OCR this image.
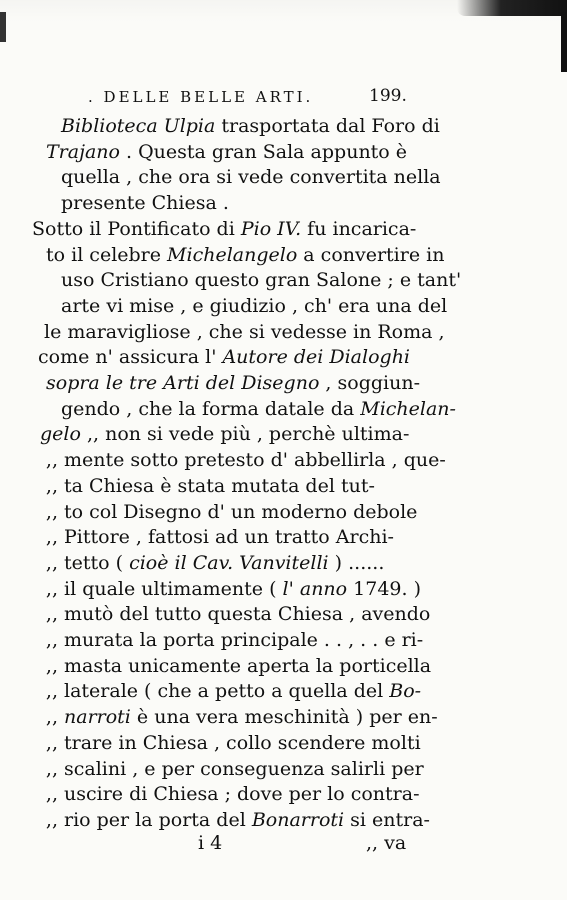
. DELLE BELLE ARTI.	199.
Biblioteca Ulpia trasportata dal Foro di
Trajano . Questa gran Sala appunto è
quella , che ora si vede convertita nella
presente Chiesa .
Sotto il Pontificato di Pio IV. fu incarica-
to il celebre Michelangelo a convertire in
uso Cristiano questo gran Salone ; e tant'
arte vi mise , e giudizio , ch' era una del
le maravigliose , che si vedesse in Roma ,
come n' assicura l' Autore dei Dialoghi
sopra le tre Arti del Disegno , soggiun-
gendo , che la forma datale da Michelan-
gelo ,, non si vede più , perchè ultima-
,, mente sotto pretesto d' abbellirla , que-
,, ta Chiesa è stata mutata del tut-
,, to col Disegno d' un moderno debole
,, Pittore , fattosi ad un tratto Archi-
,, tetto ( cioè il Cav. Vanvitelli ) ......
,, il quale ultimamente ( l' anno 1749. )
,, mutò del tutto questa Chiesa , avendo
,, murata la porta principale . . , . . e ri-
,, masta unicamente aperta la porticella
,, laterale ( che a petto a quella del Bo-
,, narroti è una vera meschinità ) per en-
,, trare in Chiesa , collo scendere molti
,, scalini , e per conseguenza salirli per
,, uscire di Chiesa ; dove per lo contra-
,, rio per la porta del Bonarroti si entra-
i 4	,, va
